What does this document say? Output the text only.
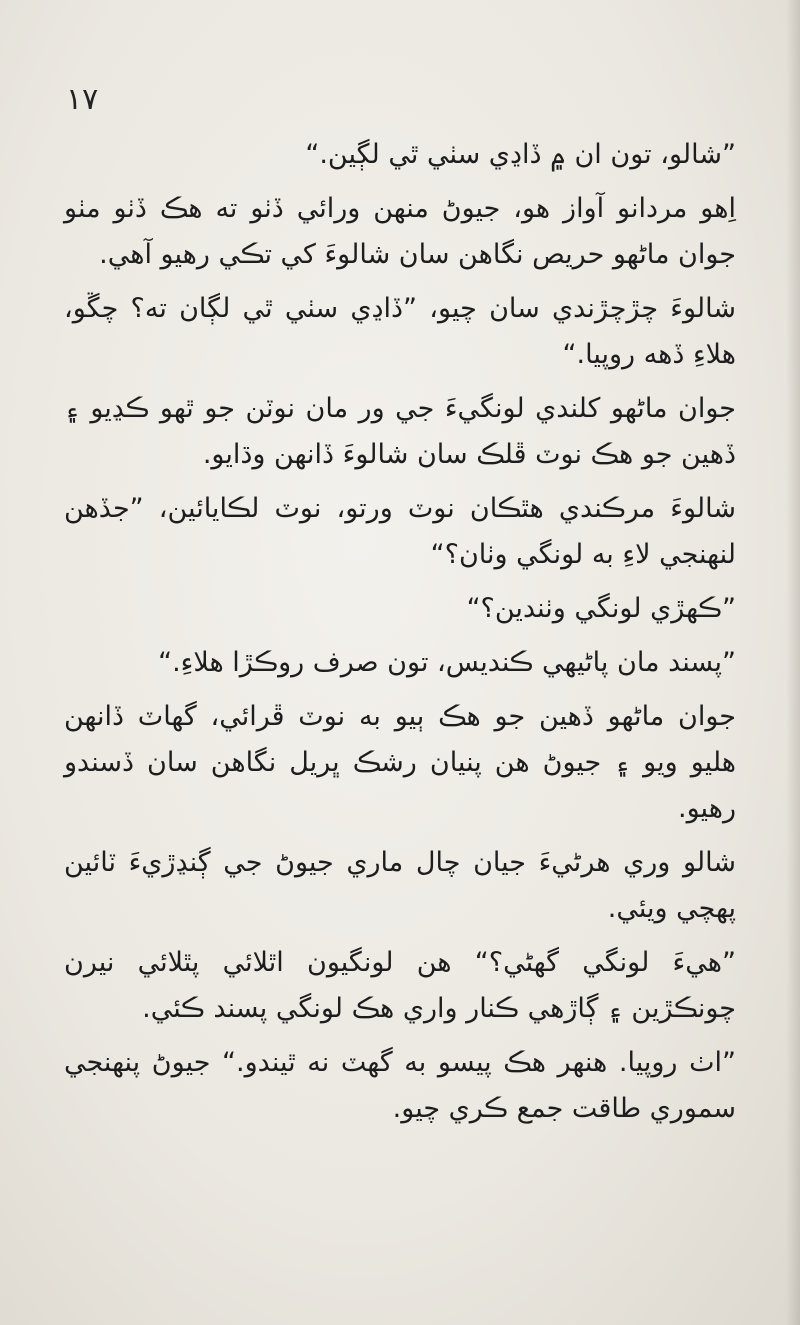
١٧

”شالو، تون ان ۾ ڏاڍي سٺي ٿي لڳين.“

اِهو مردانو آواز هو، جيوڻ منهن ورائي ڏٺو ته هڪ ڏٺو مٺو جوان ماڻهو حريص نگاهن سان شالوءَ کي تڪي رهيو آهي.

شالوءَ چڙچڙندي سان چيو، ”ڏاڍي سٺي ٿي لڳان ته؟ چڱو، هلاءِ ڏهه روپيا.“

جوان ماڻهو کلندي لونگيءَ جي ور مان نوٽن جو ٿهو ڪڍيو ۽ ڏهين جو هڪ نوٽ ڦلڪ سان شالوءَ ڏانهن وڌايو.

شالوءَ مرڪندي هٿڪان نوٽ ورتو، نوٽ لڪايائين، ”جڏهن لنهنجي لاءِ به لونگي وٺان؟“

”ڪهڙي لونگي وٺندين؟“

”پسند مان پاڻيهي ڪنديس، تون صرف روڪڙا هلاءِ.“

جوان ماڻهو ڏهين جو هڪ ٻيو به نوٽ ڦرائي، گهاٽ ڏانهن هليو ويو ۽ جيوڻ هن پنيان رشڪ ڀريل نگاهن سان ڏسندو رهيو.

شالو وري هرڻيءَ جيان چال ماري جيوڻ جي ڳنڍڙيءَ ٽائين پهچي ويئي.

”هيءَ لونگي گهڻي؟“ هن لونگيون اٿلائي پٿلائي نيرن چونڪڙين ۽ ڳاڙهي ڪنار واري هڪ لونگي پسند ڪئي.

”اٺ روپيا. هنهر هڪ پيسو به گهٽ نه ٿيندو.“ جيوڻ پنهنجي سموري طاقت جمع ڪري چيو.
